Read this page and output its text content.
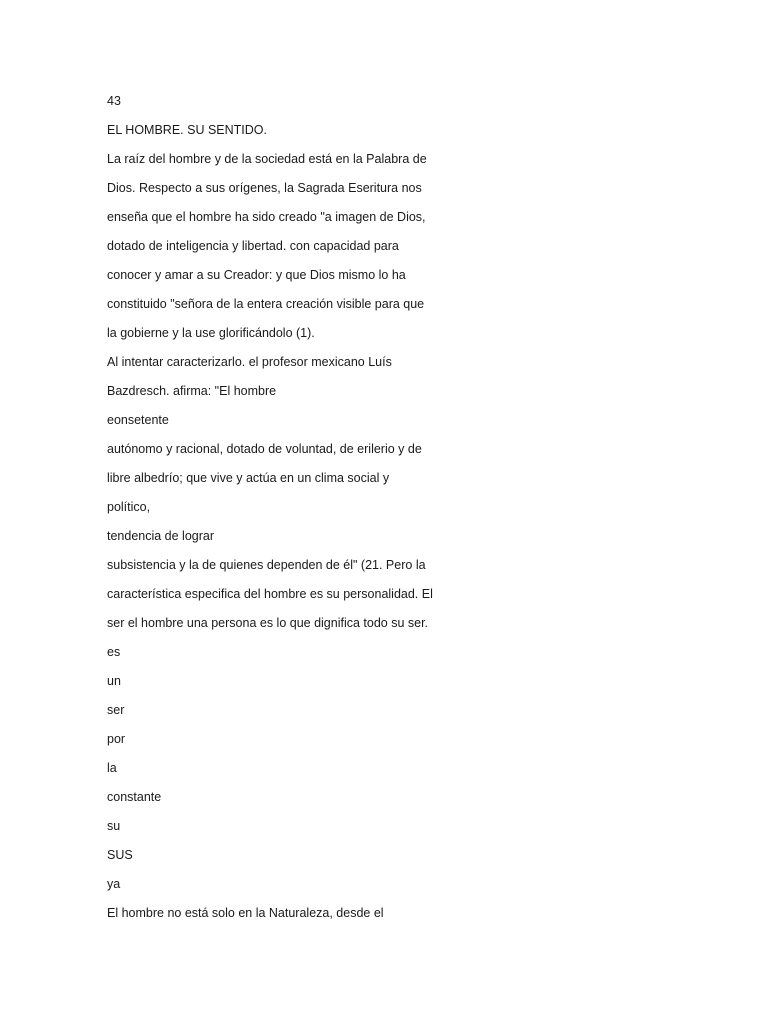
43
EL HOMBRE. SU SENTIDO.
La raíz del hombre y de la sociedad está en la Palabra de
Dios. Respecto a sus orígenes, la Sagrada Eseritura nos
enseña que el hombre ha sido creado "a imagen de Dios,
dotado de inteligencia y libertad. con capacidad para
conocer y amar a su Creador: y que Dios mismo lo ha
constituido "señora de la entera creación visible para que
la gobierne y la use glorificándolo (1).
Al intentar caracterizarlo. el profesor mexicano Luís
Bazdresch. afirma: "El hombre
eonsetente
autónomo y racional, dotado de voluntad, de erilerio y de
libre albedrío; que vive y actúa en un clima social y
político,
tendencia de lograr
subsistencia y la de quienes dependen de él" (21. Pero la
característica especifica del hombre es su personalidad. El
ser el hombre una persona es lo que dignifica todo su ser.
es
un
ser
por
la
constante
su
SUS
ya
El hombre no está solo en la Naturaleza, desde el
